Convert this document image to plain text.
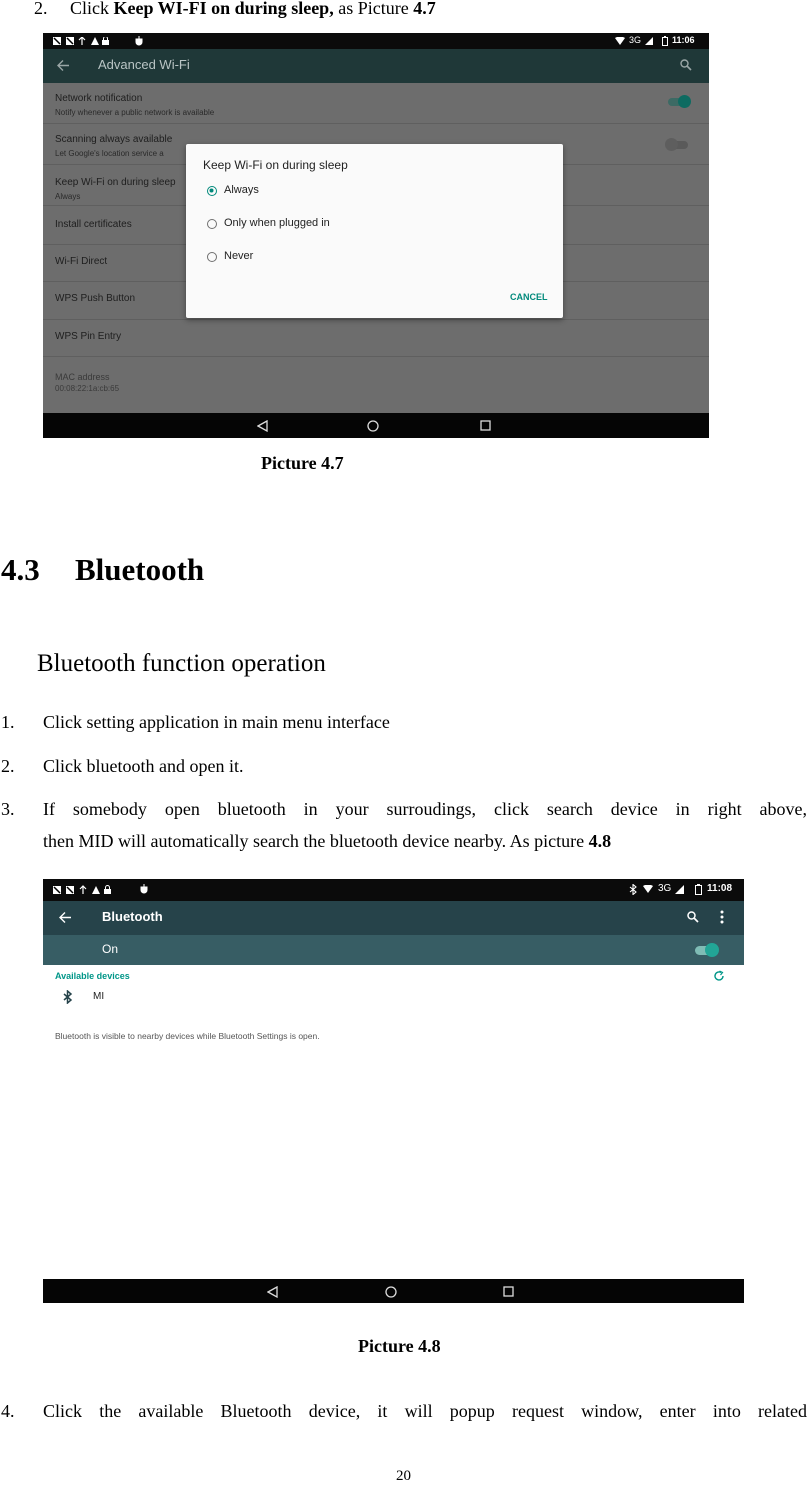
2. Click Keep WI-FI on during sleep, as Picture 4.7
3G	11:06
Advanced Wi-Fi
Network notification
Notify whenever a public network is available
Scanning always available
Let Google's location service a
Keep Wi-Fi on during sleep
Always
Install certificates
Wi-Fi Direct
WPS Push Button
WPS Pin Entry
MAC address
00:08:22:1a:cb:65
Keep Wi-Fi on during sleep
Always
Only when plugged in
Never
CANCEL
Picture 4.7
4.3 Bluetooth
Bluetooth function operation
1. Click setting application in main menu interface
2. Click bluetooth and open it.
3.	If somebody open bluetooth in your surroudings, click search device in right above,
then MID will automatically search the bluetooth device nearby. As picture 4.8
3G	11:08
Bluetooth
On
Available devices
MI
Bluetooth is visible to nearby devices while Bluetooth Settings is open.
Picture 4.8
4.	Click the available Bluetooth device, it will popup request window, enter into related
20
